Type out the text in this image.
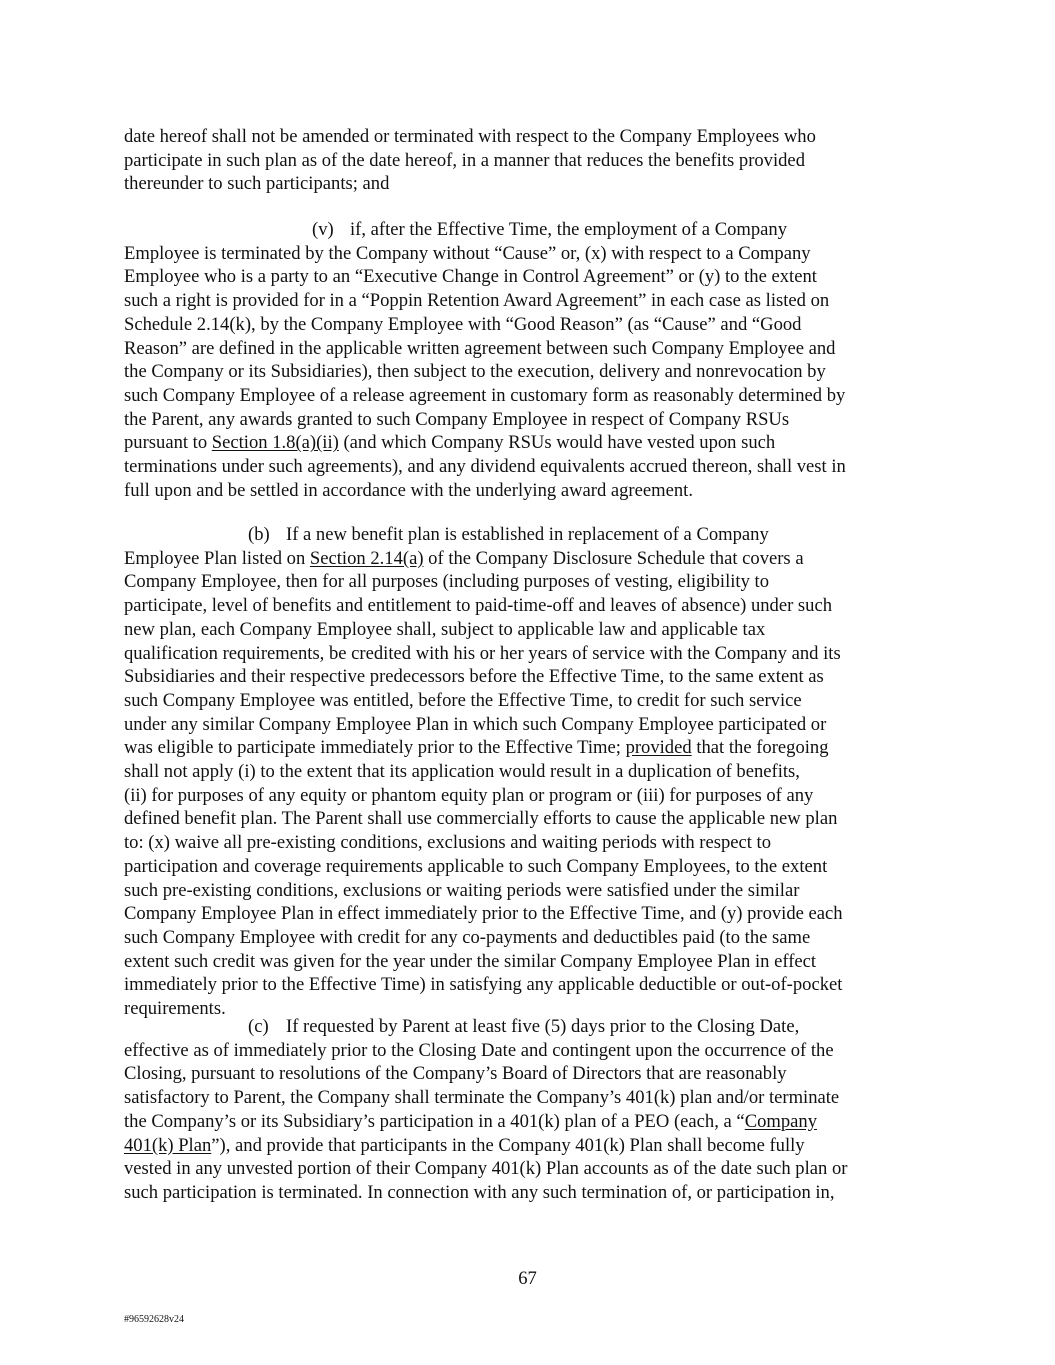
date hereof shall not be amended or terminated with respect to the Company Employees who
participate in such plan as of the date hereof, in a manner that reduces the benefits provided
thereunder to such participants; and
(v) if, after the Effective Time, the employment of a Company
Employee is terminated by the Company without “Cause” or, (x) with respect to a Company
Employee who is a party to an “Executive Change in Control Agreement” or (y) to the extent
such a right is provided for in a “Poppin Retention Award Agreement” in each case as listed on
Schedule 2.14(k), by the Company Employee with “Good Reason” (as “Cause” and “Good
Reason” are defined in the applicable written agreement between such Company Employee and
the Company or its Subsidiaries), then subject to the execution, delivery and nonrevocation by
such Company Employee of a release agreement in customary form as reasonably determined by
the Parent, any awards granted to such Company Employee in respect of Company RSUs
pursuant to Section 1.8(a)(ii) (and which Company RSUs would have vested upon such
terminations under such agreements), and any dividend equivalents accrued thereon, shall vest in
full upon and be settled in accordance with the underlying award agreement.
(b) If a new benefit plan is established in replacement of a Company
Employee Plan listed on Section 2.14(a) of the Company Disclosure Schedule that covers a
Company Employee, then for all purposes (including purposes of vesting, eligibility to
participate, level of benefits and entitlement to paid-time-off and leaves of absence) under such
new plan, each Company Employee shall, subject to applicable law and applicable tax
qualification requirements, be credited with his or her years of service with the Company and its
Subsidiaries and their respective predecessors before the Effective Time, to the same extent as
such Company Employee was entitled, before the Effective Time, to credit for such service
under any similar Company Employee Plan in which such Company Employee participated or
was eligible to participate immediately prior to the Effective Time; provided that the foregoing
shall not apply (i) to the extent that its application would result in a duplication of benefits,
(ii) for purposes of any equity or phantom equity plan or program or (iii) for purposes of any
defined benefit plan. The Parent shall use commercially efforts to cause the applicable new plan
to: (x) waive all pre-existing conditions, exclusions and waiting periods with respect to
participation and coverage requirements applicable to such Company Employees, to the extent
such pre-existing conditions, exclusions or waiting periods were satisfied under the similar
Company Employee Plan in effect immediately prior to the Effective Time, and (y) provide each
such Company Employee with credit for any co-payments and deductibles paid (to the same
extent such credit was given for the year under the similar Company Employee Plan in effect
immediately prior to the Effective Time) in satisfying any applicable deductible or out-of-pocket
requirements.
(c) If requested by Parent at least five (5) days prior to the Closing Date,
effective as of immediately prior to the Closing Date and contingent upon the occurrence of the
Closing, pursuant to resolutions of the Company’s Board of Directors that are reasonably
satisfactory to Parent, the Company shall terminate the Company’s 401(k) plan and/or terminate
the Company’s or its Subsidiary’s participation in a 401(k) plan of a PEO (each, a “Company
401(k) Plan”), and provide that participants in the Company 401(k) Plan shall become fully
vested in any unvested portion of their Company 401(k) Plan accounts as of the date such plan or
such participation is terminated. In connection with any such termination of, or participation in,
67
#96592628v24
